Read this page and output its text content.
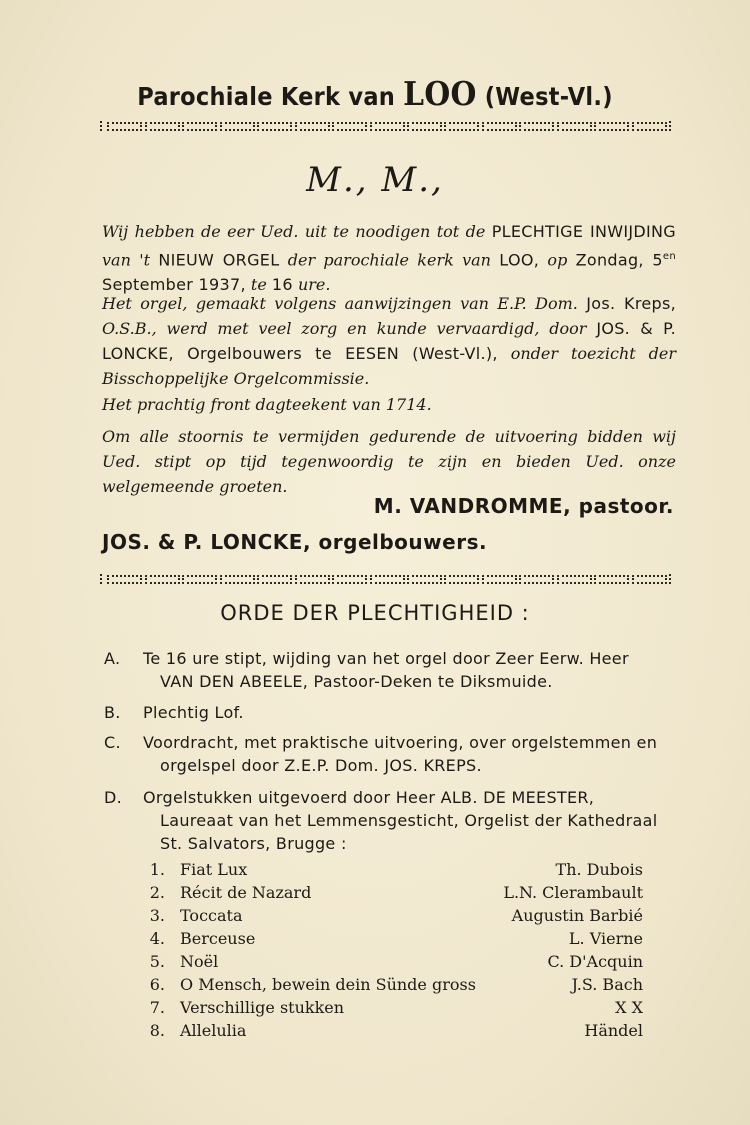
Parochiale Kerk van LOO (West-Vl.)
M., M.,
Wij hebben de eer Ued. uit te noodigen tot de PLECHTIGE INWIJDING van 't NIEUW ORGEL der parochiale kerk van LOO, op Zondag, $5^{en}$ September 1937, te 16 ure.
Het orgel, gemaakt volgens aanwijzingen van E.P. Dom. Jos. Kreps, O.S.B., werd met veel zorg en kunde vervaardigd, door JOS. & P. LONCKE, Orgelbouwers te EESEN (West-Vl.), onder toezicht der Bisschoppelijke Orgelcommissie.
Het prachtig front dagteekent van 1714.
Om alle stoornis te vermijden gedurende de uitvoering bidden wij Ued. stipt op tijd tegenwoordig te zijn en bieden Ued. onze welgemeende groeten.
M. VANDROMME, pastoor.
JOS. & P. LONCKE, orgelbouwers.
ORDE DER PLECHTIGHEID :
A. Te 16 ure stipt, wijding van het orgel door Zeer Eerw. Heer
VAN DEN ABEELE, Pastoor-Deken te Diksmuide.
B. Plechtig Lof.
C. Voordracht, met praktische uitvoering, over orgelstemmen en
orgelspel door Z.E.P. Dom. JOS. KREPS.
D. Orgelstukken uitgevoerd door Heer ALB. DE MEESTER,
Laureaat van het Lemmensgesticht, Orgelist der Kathedraal
St. Salvators, Brugge :
1. Fiat Lux	Th. Dubois
2. Récit de Nazard	L.N. Clerambault
3. Toccata	Augustin Barbié
4. Berceuse	L. Vierne
5. Noël	C. D'Acquin
6. O Mensch, bewein dein Sünde gross	J.S. Bach
7. Verschillige stukken	X X
8. Allelulia	Händel
